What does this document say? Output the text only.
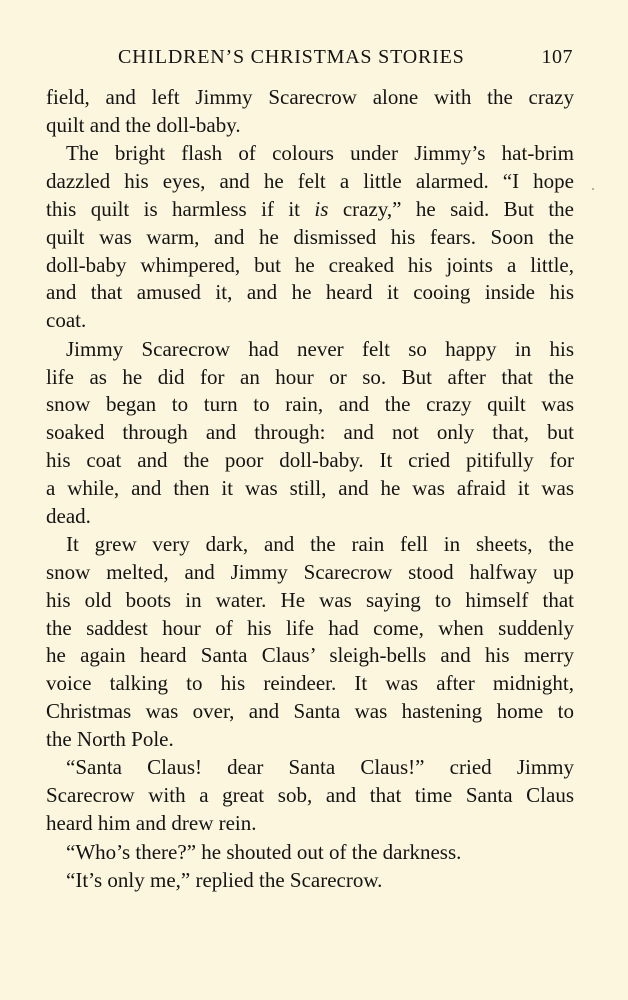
CHILDREN’S CHRISTMAS STORIES	107
field, and left Jimmy Scarecrow alone with the crazy
quilt and the doll-baby.
The bright flash of colours under Jimmy’s hat-brim
dazzled his eyes, and he felt a little alarmed. “I hope
this quilt is harmless if it is crazy,” he said. But the
quilt was warm, and he dismissed his fears. Soon the
doll-baby whimpered, but he creaked his joints a little,
and that amused it, and he heard it cooing inside his
coat.
Jimmy Scarecrow had never felt so happy in his
life as he did for an hour or so. But after that the
snow began to turn to rain, and the crazy quilt was
soaked through and through: and not only that, but
his coat and the poor doll-baby. It cried pitifully for
a while, and then it was still, and he was afraid it was
dead.
It grew very dark, and the rain fell in sheets, the
snow melted, and Jimmy Scarecrow stood halfway up
his old boots in water. He was saying to himself that
the saddest hour of his life had come, when suddenly
he again heard Santa Claus’ sleigh-bells and his merry
voice talking to his reindeer. It was after midnight,
Christmas was over, and Santa was hastening home to
the North Pole.
“Santa Claus! dear Santa Claus!” cried Jimmy
Scarecrow with a great sob, and that time Santa Claus
heard him and drew rein.
“Who’s there?” he shouted out of the darkness.
“It’s only me,” replied the Scarecrow.
